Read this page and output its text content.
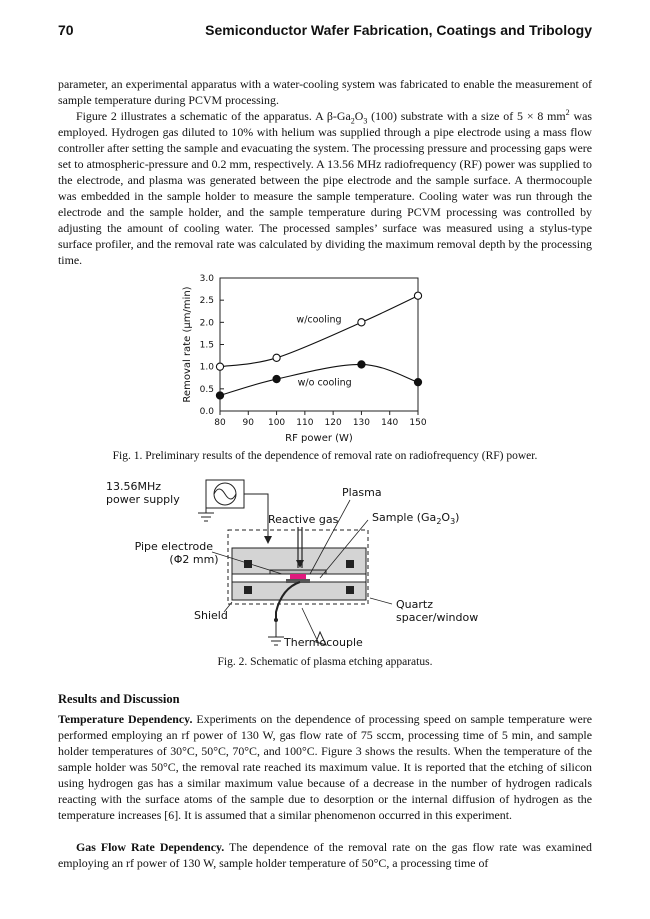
70	Semiconductor Wafer Fabrication, Coatings and Tribology

parameter, an experimental apparatus with a water-cooling system was fabricated to enable the measurement of sample temperature during PCVM processing.

Figure 2 illustrates a schematic of the apparatus. A $\beta-Ga_2O_3$ (100) substrate with a size of 5 × 8 $mm^2$ was employed. Hydrogen gas diluted to 10% with helium was supplied through a pipe electrode using a mass flow controller after setting the sample and evacuating the system. The processing pressure and processing gaps were set to atmospheric-pressure and 0.2 mm, respectively. A 13.56 MHz radiofrequency (RF) power was supplied to the electrode, and plasma was generated between the pipe electrode and the sample surface. A thermocouple was embedded in the sample holder to measure the sample temperature. Cooling water was run through the electrode and the sample holder, and the sample temperature during PCVM processing was controlled by adjusting the amount of cooling water. The processed samples’ surface was measured using a stylus-type surface profiler, and the removal rate was calculated by dividing the maximum removal depth by the processing time.

80 90 100 110 120 130 140 150
0.0
0.5
1.0
1.5
2.0
2.5
3.0
RF power (W)
Removal rate (μm/min)	w/cooling
w/o cooling

Fig. 1. Preliminary results of the dependence of removal rate on radiofrequency (RF) power.

13.56MHz
power supply
Plasma
Reactive gas	Sample $(Ga_2O_3)$
Pipe electrode
(Φ2 mm)
Shield
Quartz
spacer/window
Thermocouple

Fig. 2. Schematic of plasma etching apparatus.

Results and Discussion

Temperature Dependency. Experiments on the dependence of processing speed on sample temperature were performed employing an rf power of 130 W, gas flow rate of 75 sccm, processing time of 5 min, and sample holder temperatures of 30°C, 50°C, 70°C, and 100°C. Figure 3 shows the results. When the temperature of the sample holder was 50°C, the removal rate reached its maximum value. It is reported that the etching of silicon using hydrogen gas has a similar maximum value because of a decrease in the number of hydrogen radicals reacting with the surface atoms of the sample due to desorption or the internal diffusion of hydrogen as the temperature increases [6]. It is assumed that a similar phenomenon occurred in this experiment.

Gas Flow Rate Dependency. The dependence of the removal rate on the gas flow rate was examined employing an rf power of 130 W, sample holder temperature of 50°C, a processing time of
